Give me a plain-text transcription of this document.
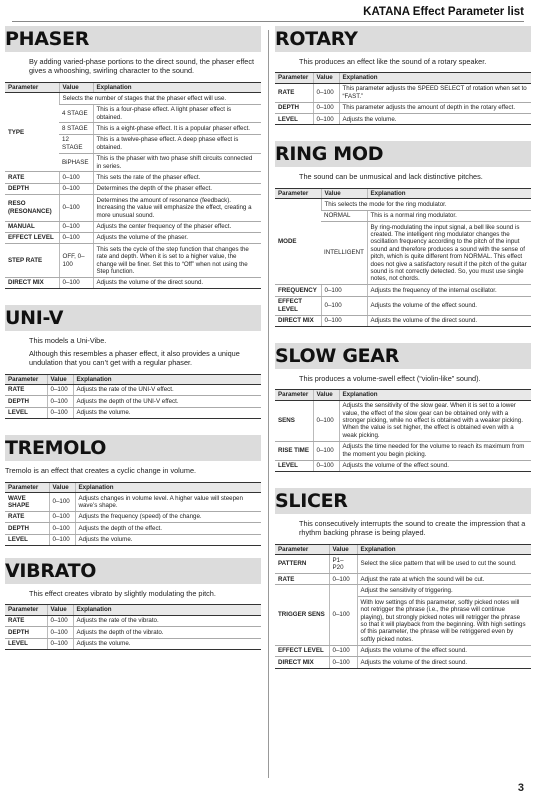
KATANA Effect Parameter list
PHASER
By adding varied-phase portions to the direct sound, the phaser effect gives a whooshing, swirling character to the sound.
Parameter	Value	Explanation
TYPE	Selects the number of stages that the phaser effect will use.	
	4 STAGE	This is a four-phase effect. A light phaser effect is obtained.
	8 STAGE	This is a eight-phase effect. It is a popular phaser effect.
	12 STAGE	This is a twelve-phase effect. A deep phase effect is obtained.
	BiPHASE	This is the phaser with two phase shift circuits connected in series.
RATE	0–100	This sets the rate of the phaser effect.
DEPTH	0–100	Determines the depth of the phaser effect.
RESO (RESONANCE)	0–100	Determines the amount of resonance (feedback). Increasing the value will emphasize the effect, creating a more unusual sound.
MANUAL	0–100	Adjusts the center frequency of the phaser effect.
EFFECT LEVEL	0–100	Adjusts the volume of the phaser.
STEP RATE	OFF, 0–100	This sets the cycle of the step function that changes the rate and depth. When it is set to a higher value, the change will be finer. Set this to “Off” when not using the Step function.
DIRECT MIX	0–100	Adjusts the volume of the direct sound.
UNI-V

This models a Uni-Vibe.

Although this resembles a phaser effect, it also provides a unique undulation that you can’t get with a regular phaser.

Parameter	Value	Explanation
RATE	0–100	Adjusts the rate of the UNI-V effect.
DEPTH	0–100	Adjusts the depth of the UNI-V effect.
LEVEL	0–100	Adjusts the volume.
TREMOLO
Tremolo is an effect that creates a cyclic change in volume.
Parameter	Value	Explanation
WAVE SHAPE	0–100	Adjusts changes in volume level. A higher value will steepen wave’s shape.
RATE	0–100	Adjusts the frequency (speed) of the change.
DEPTH	0–100	Adjusts the depth of the effect.
LEVEL	0–100	Adjusts the volume.
VIBRATO
This effect creates vibrato by slightly modulating the pitch.
Parameter	Value	Explanation
RATE	0–100	Adjusts the rate of the vibrato.
DEPTH	0–100	Adjusts the depth of the vibrato.
LEVEL	0–100	Adjusts the volume.
ROTARY
This produces an effect like the sound of a rotary speaker.
Parameter	Value	Explanation
RATE	0–100	This parameter adjusts the SPEED SELECT of rotation when set to “FAST.”
DEPTH	0–100	This parameter adjusts the amount of depth in the rotary effect.
LEVEL	0–100	Adjusts the volume.
RING MOD
The sound can be unmusical and lack distinctive pitches.
Parameter	Value	Explanation
MODE	This selects the mode for the ring modulator.	
	NORMAL	This is a normal ring modulator.
	INTELLIGENT	By ring-modulating the input signal, a bell like sound is created. The intelligent ring modulator changes the oscillation frequency according to the pitch of the input sound and therefore produces a sound with the sense of pitch, which is quite different from NORMAL. This effect does not give a satisfactory result if the pitch of the guitar sound is not correctly detected. So, you must use single notes, not chords.
FREQUENCY	0–100	Adjusts the frequency of the internal oscillator.
EFFECT LEVEL	0–100	Adjusts the volume of the effect sound.
DIRECT MIX	0–100	Adjusts the volume of the direct sound.
SLOW GEAR
This produces a volume-swell effect (“violin-like” sound).
Parameter	Value	Explanation
SENS	0–100	Adjusts the sensitivity of the slow gear. When it is set to a lower value, the effect of the slow gear can be obtained only with a stronger picking, while no effect is obtained with a weaker picking. When the value is set higher, the effect is obtained even with a weak picking.
RISE TIME	0–100	Adjusts the time needed for the volume to reach its maximum from the moment you begin picking.
LEVEL	0–100	Adjusts the volume of the effect sound.
SLICER
This consecutively interrupts the sound to create the impression that a rhythm backing phrase is being played.
Parameter	Value	Explanation
PATTERN	P1–P20	Select the slice pattern that will be used to cut the sound.
RATE	0–100	Adjust the rate at which the sound will be cut.
TRIGGER SENS	0–100	Adjust the sensitivity of triggering.
With low settings of this parameter, softly picked notes will not retrigger the phrase (i.e., the phrase will continue playing), but strongly picked notes will retrigger the phrase so that it will playback from the beginning. With high settings of this parameter, the phrase will be retriggered even by softly picked notes.

EFFECT LEVEL	0–100	Adjusts the volume of the effect sound.
DIRECT MIX	0–100	Adjusts the volume of the direct sound.
3
